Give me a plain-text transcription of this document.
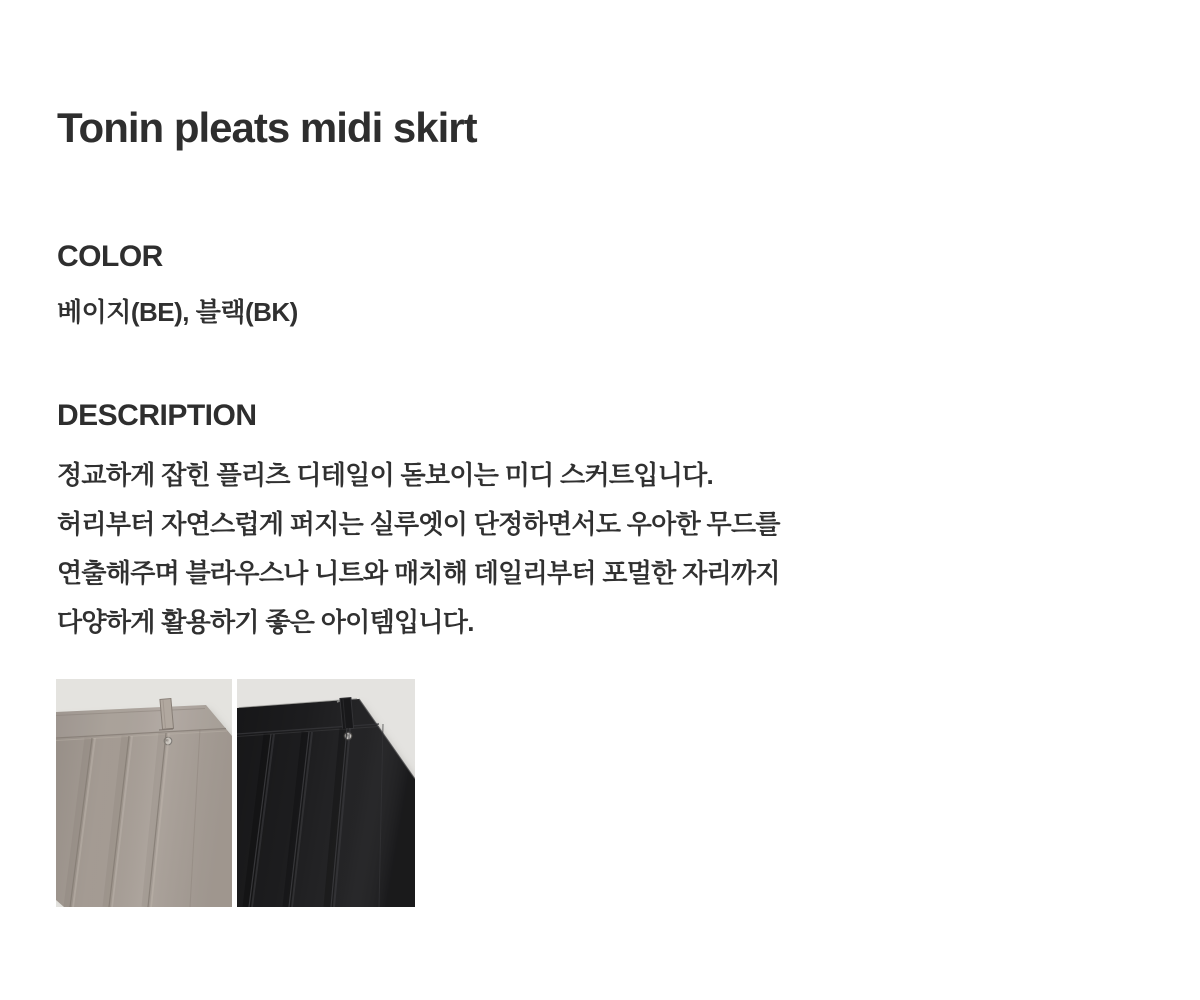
Tonin pleats midi skirt
COLOR

베이지(BE), 블랙(BK)

DESCRIPTION
정교하게 잡힌 플리츠 디테일이 돋보이는 미디 스커트입니다.
허리부터 자연스럽게 퍼지는 실루엣이 단정하면서도 우아한 무드를
연출해주며 블라우스나 니트와 매치해 데일리부터 포멀한 자리까지
다양하게 활용하기 좋은 아이템입니다.
